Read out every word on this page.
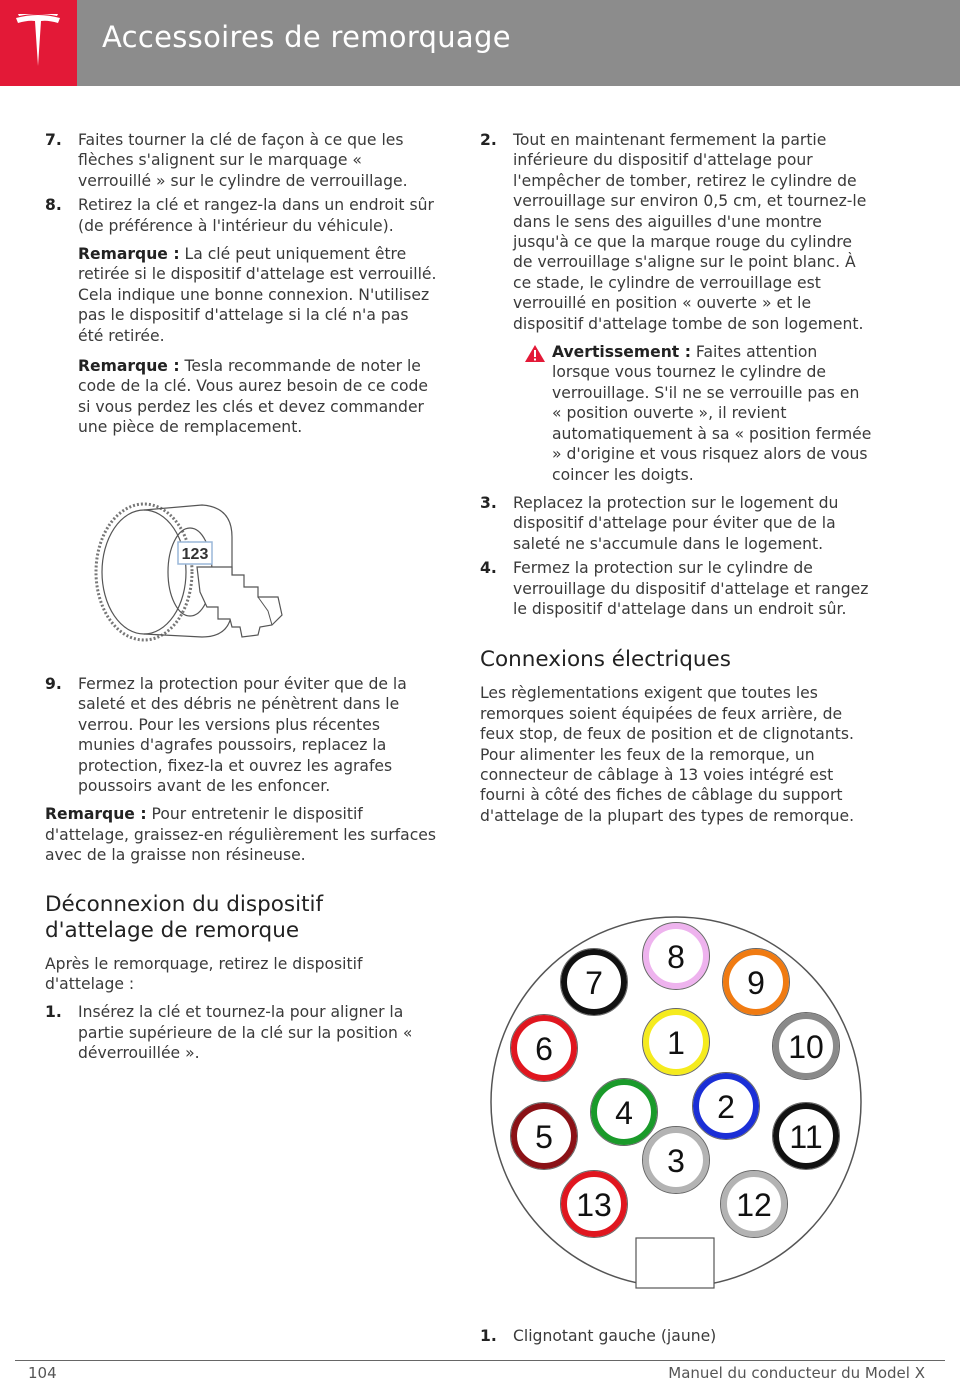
Accessoires de remorquage
7. Faites tourner la clé de façon à ce que les flèches s'alignent sur le marquage « verrouillé » sur le cylindre de verrouillage.
8. Retirez la clé et rangez-la dans un endroit sûr (de préférence à l'intérieur du véhicule).
Remarque : La clé peut uniquement être retirée si le dispositif d'attelage est verrouillé. Cela indique une bonne connexion. N'utilisez pas le dispositif d'attelage si la clé n'a pas été retirée.
Remarque : Tesla recommande de noter le code de la clé. Vous aurez besoin de ce code si vous perdez les clés et devez commander une pièce de remplacement.
123
9. Fermez la protection pour éviter que de la saleté et des débris ne pénètrent dans le verrou. Pour les versions plus récentes munies d'agrafes poussoirs, replacez la protection, fixez-la et ouvrez les agrafes poussoirs avant de les enfoncer.
Remarque : Pour entretenir le dispositif d'attelage, graissez-en régulièrement les surfaces avec de la graisse non résineuse.
Déconnexion du dispositif d'attelage de remorque
Après le remorquage, retirez le dispositif d'attelage :
1. Insérez la clé et tournez-la pour aligner la partie supérieure de la clé sur la position « déverrouillée ».
2. Tout en maintenant fermement la partie inférieure du dispositif d'attelage pour l'empêcher de tomber, retirez le cylindre de verrouillage sur environ 0,5 cm, et tournez-le dans le sens des aiguilles d'une montre jusqu'à ce que la marque rouge du cylindre de verrouillage s'aligne sur le point blanc. À ce stade, le cylindre de verrouillage est verrouillé en position « ouverte » et le dispositif d'attelage tombe de son logement.
Avertissement : Faites attention lorsque vous tournez le cylindre de verrouillage. S'il ne se verrouille pas en « position ouverte », il revient automatiquement à sa « position fermée » d'origine et vous risquez alors de vous coincer les doigts.
3. Replacez la protection sur le logement du dispositif d'attelage pour éviter que de la saleté ne s'accumule dans le logement.
4. Fermez la protection sur le cylindre de verrouillage du dispositif d'attelage et rangez le dispositif d'attelage dans un endroit sûr.
Connexions électriques
Les règlementations exigent que toutes les remorques soient équipées de feux arrière, de feux stop, de feux de position et de clignotants. Pour alimenter les feux de la remorque, un connecteur de câblage à 13 voies intégré est fourni à côté des fiches de câblage du support d'attelage de la plupart des types de remorque.
1
2
3
4
5
6
7
8
9
10
11
12
13
1. Clignotant gauche (jaune)
104	Manuel du conducteur du Model X
